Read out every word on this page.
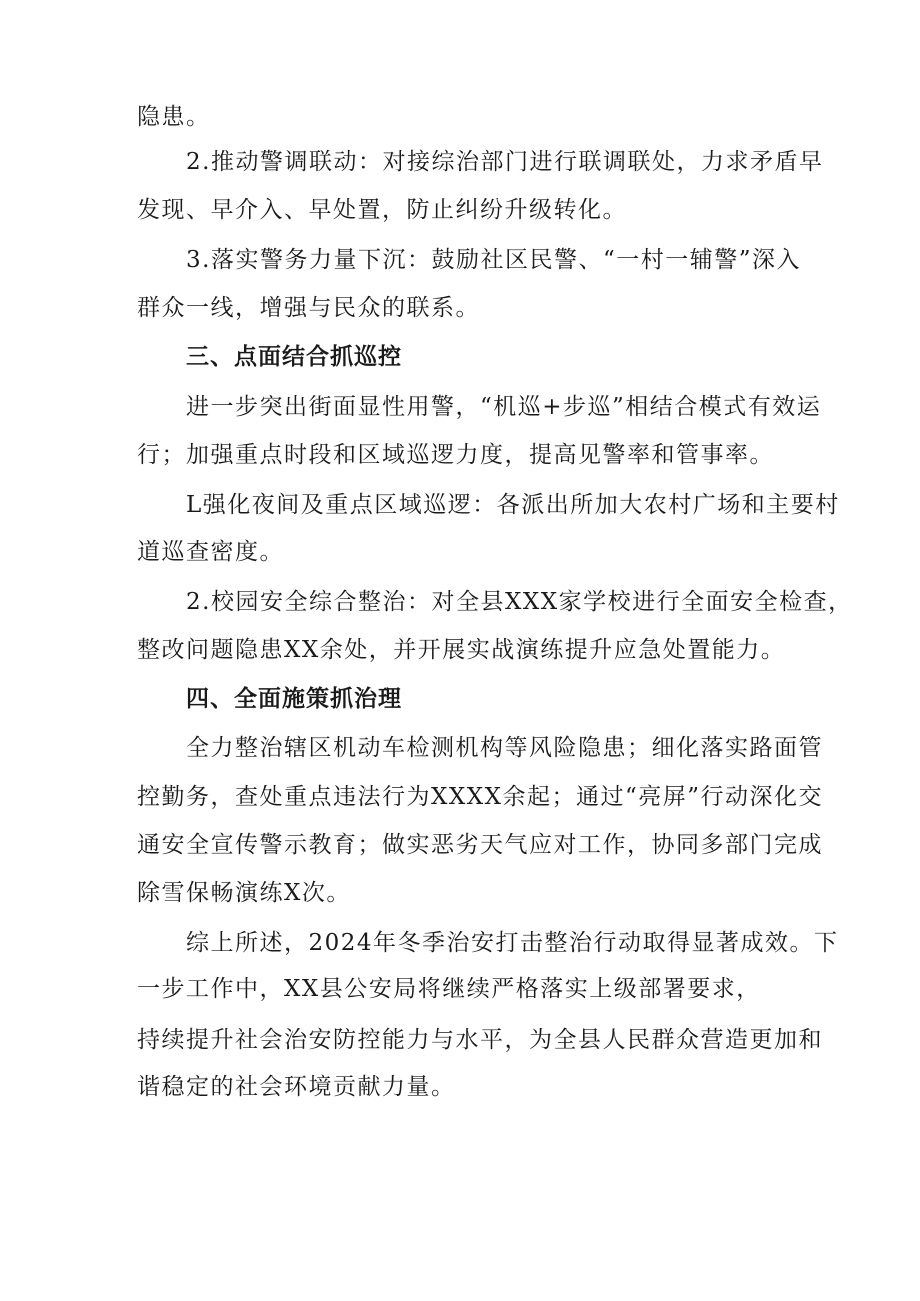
隐患。
2.推动警调联动：对接综治部门进行联调联处，力求矛盾早
发现、早介入、早处置，防止纠纷升级转化。
3.落实警务力量下沉：鼓励社区民警、“一村一辅警”深入
群众一线，增强与民众的联系。
三、点面结合抓巡控
进一步突出街面显性用警，“机巡+步巡”相结合模式有效运
行；加强重点时段和区域巡逻力度，提高见警率和管事率。
L强化夜间及重点区域巡逻：各派出所加大农村广场和主要村
道巡查密度。
2.校园安全综合整治：对全县XXX家学校进行全面安全检查，
整改问题隐患XX余处，并开展实战演练提升应急处置能力。
四、全面施策抓治理
全力整治辖区机动车检测机构等风险隐患；细化落实路面管
控勤务，查处重点违法行为XXXX余起；通过“亮屏”行动深化交
通安全宣传警示教育；做实恶劣天气应对工作，协同多部门完成
除雪保畅演练X次。
综上所述，2024年冬季治安打击整治行动取得显著成效。下
一步工作中，XX县公安局将继续严格落实上级部署要求，
持续提升社会治安防控能力与水平，为全县人民群众营造更加和
谐稳定的社会环境贡献力量。
